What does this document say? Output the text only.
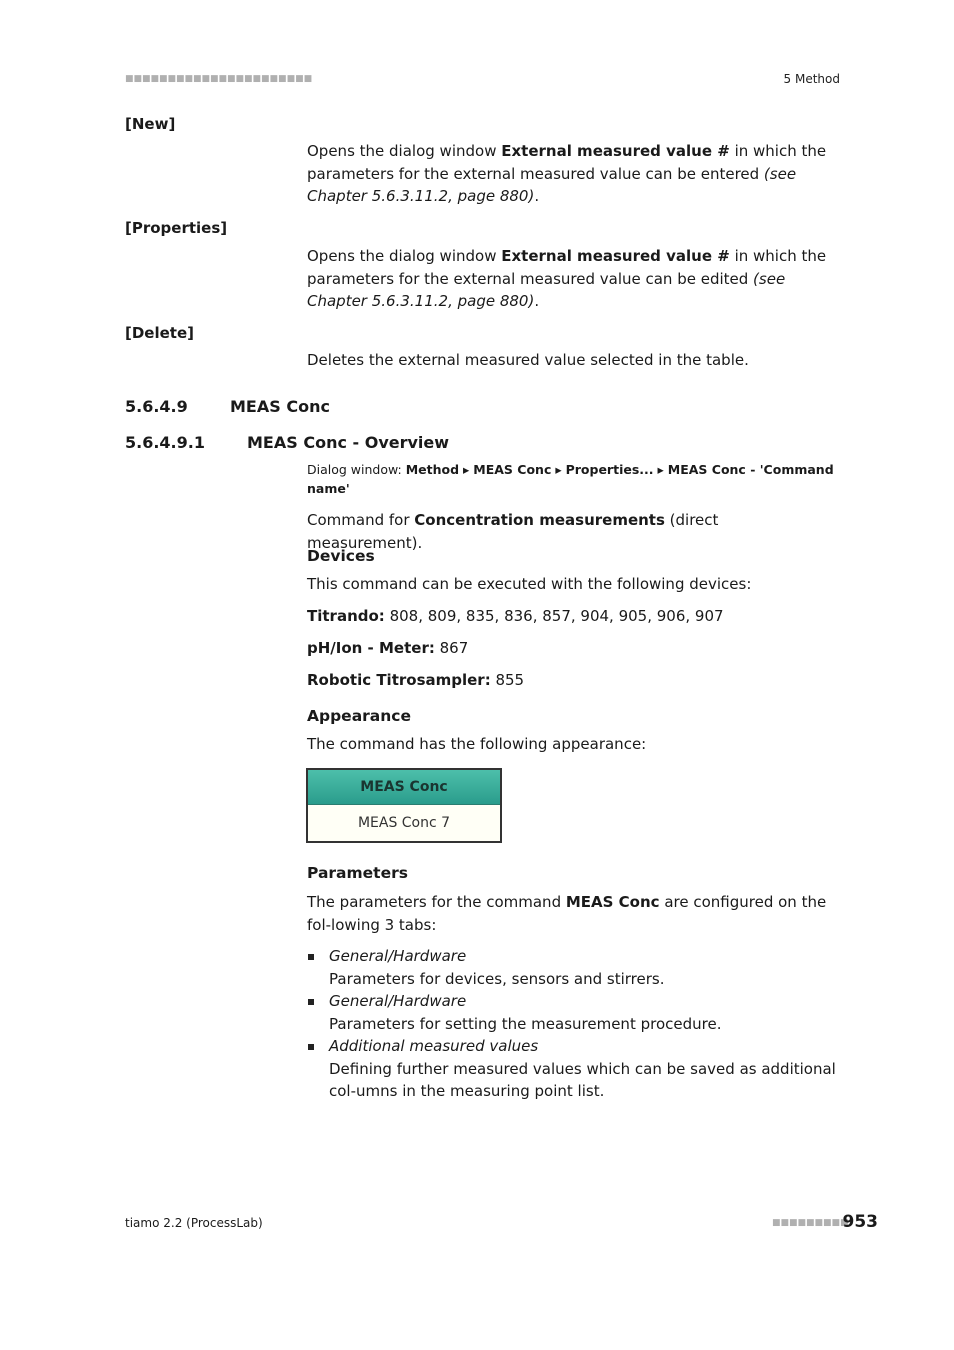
■■■■■■■■■■■■■■■■■■■■■■	5 Method
[New]
Opens the dialog window External measured value # in which the parameters for the external measured value can be entered (see Chapter 5.6.3.11.2, page 880).
[Properties]
Opens the dialog window External measured value # in which the parameters for the external measured value can be edited (see Chapter 5.6.3.11.2, page 880).
[Delete]
Deletes the external measured value selected in the table.
5.6.4.9	MEAS Conc
5.6.4.9.1	MEAS Conc - Overview
Dialog window: Method ▸ MEAS Conc ▸ Properties... ▸ MEAS Conc - 'Command name'
Command for Concentration measurements (direct measurement).
Devices
This command can be executed with the following devices:
Titrando: 808, 809, 835, 836, 857, 904, 905, 906, 907
pH/Ion - Meter: 867
Robotic Titrosampler: 855
Appearance
The command has the following appearance:
MEAS Conc
MEAS Conc 7
Parameters
The parameters for the command MEAS Conc are configured on the fol-lowing 3 tabs:
General/Hardware
Parameters for devices, sensors and stirrers.
General/Hardware
Parameters for setting the measurement procedure.
Additional measured values
Defining further measured values which can be saved as additional col-umns in the measuring point list.
tiamo 2.2 (ProcessLab)	■■■■■■■■■
953
